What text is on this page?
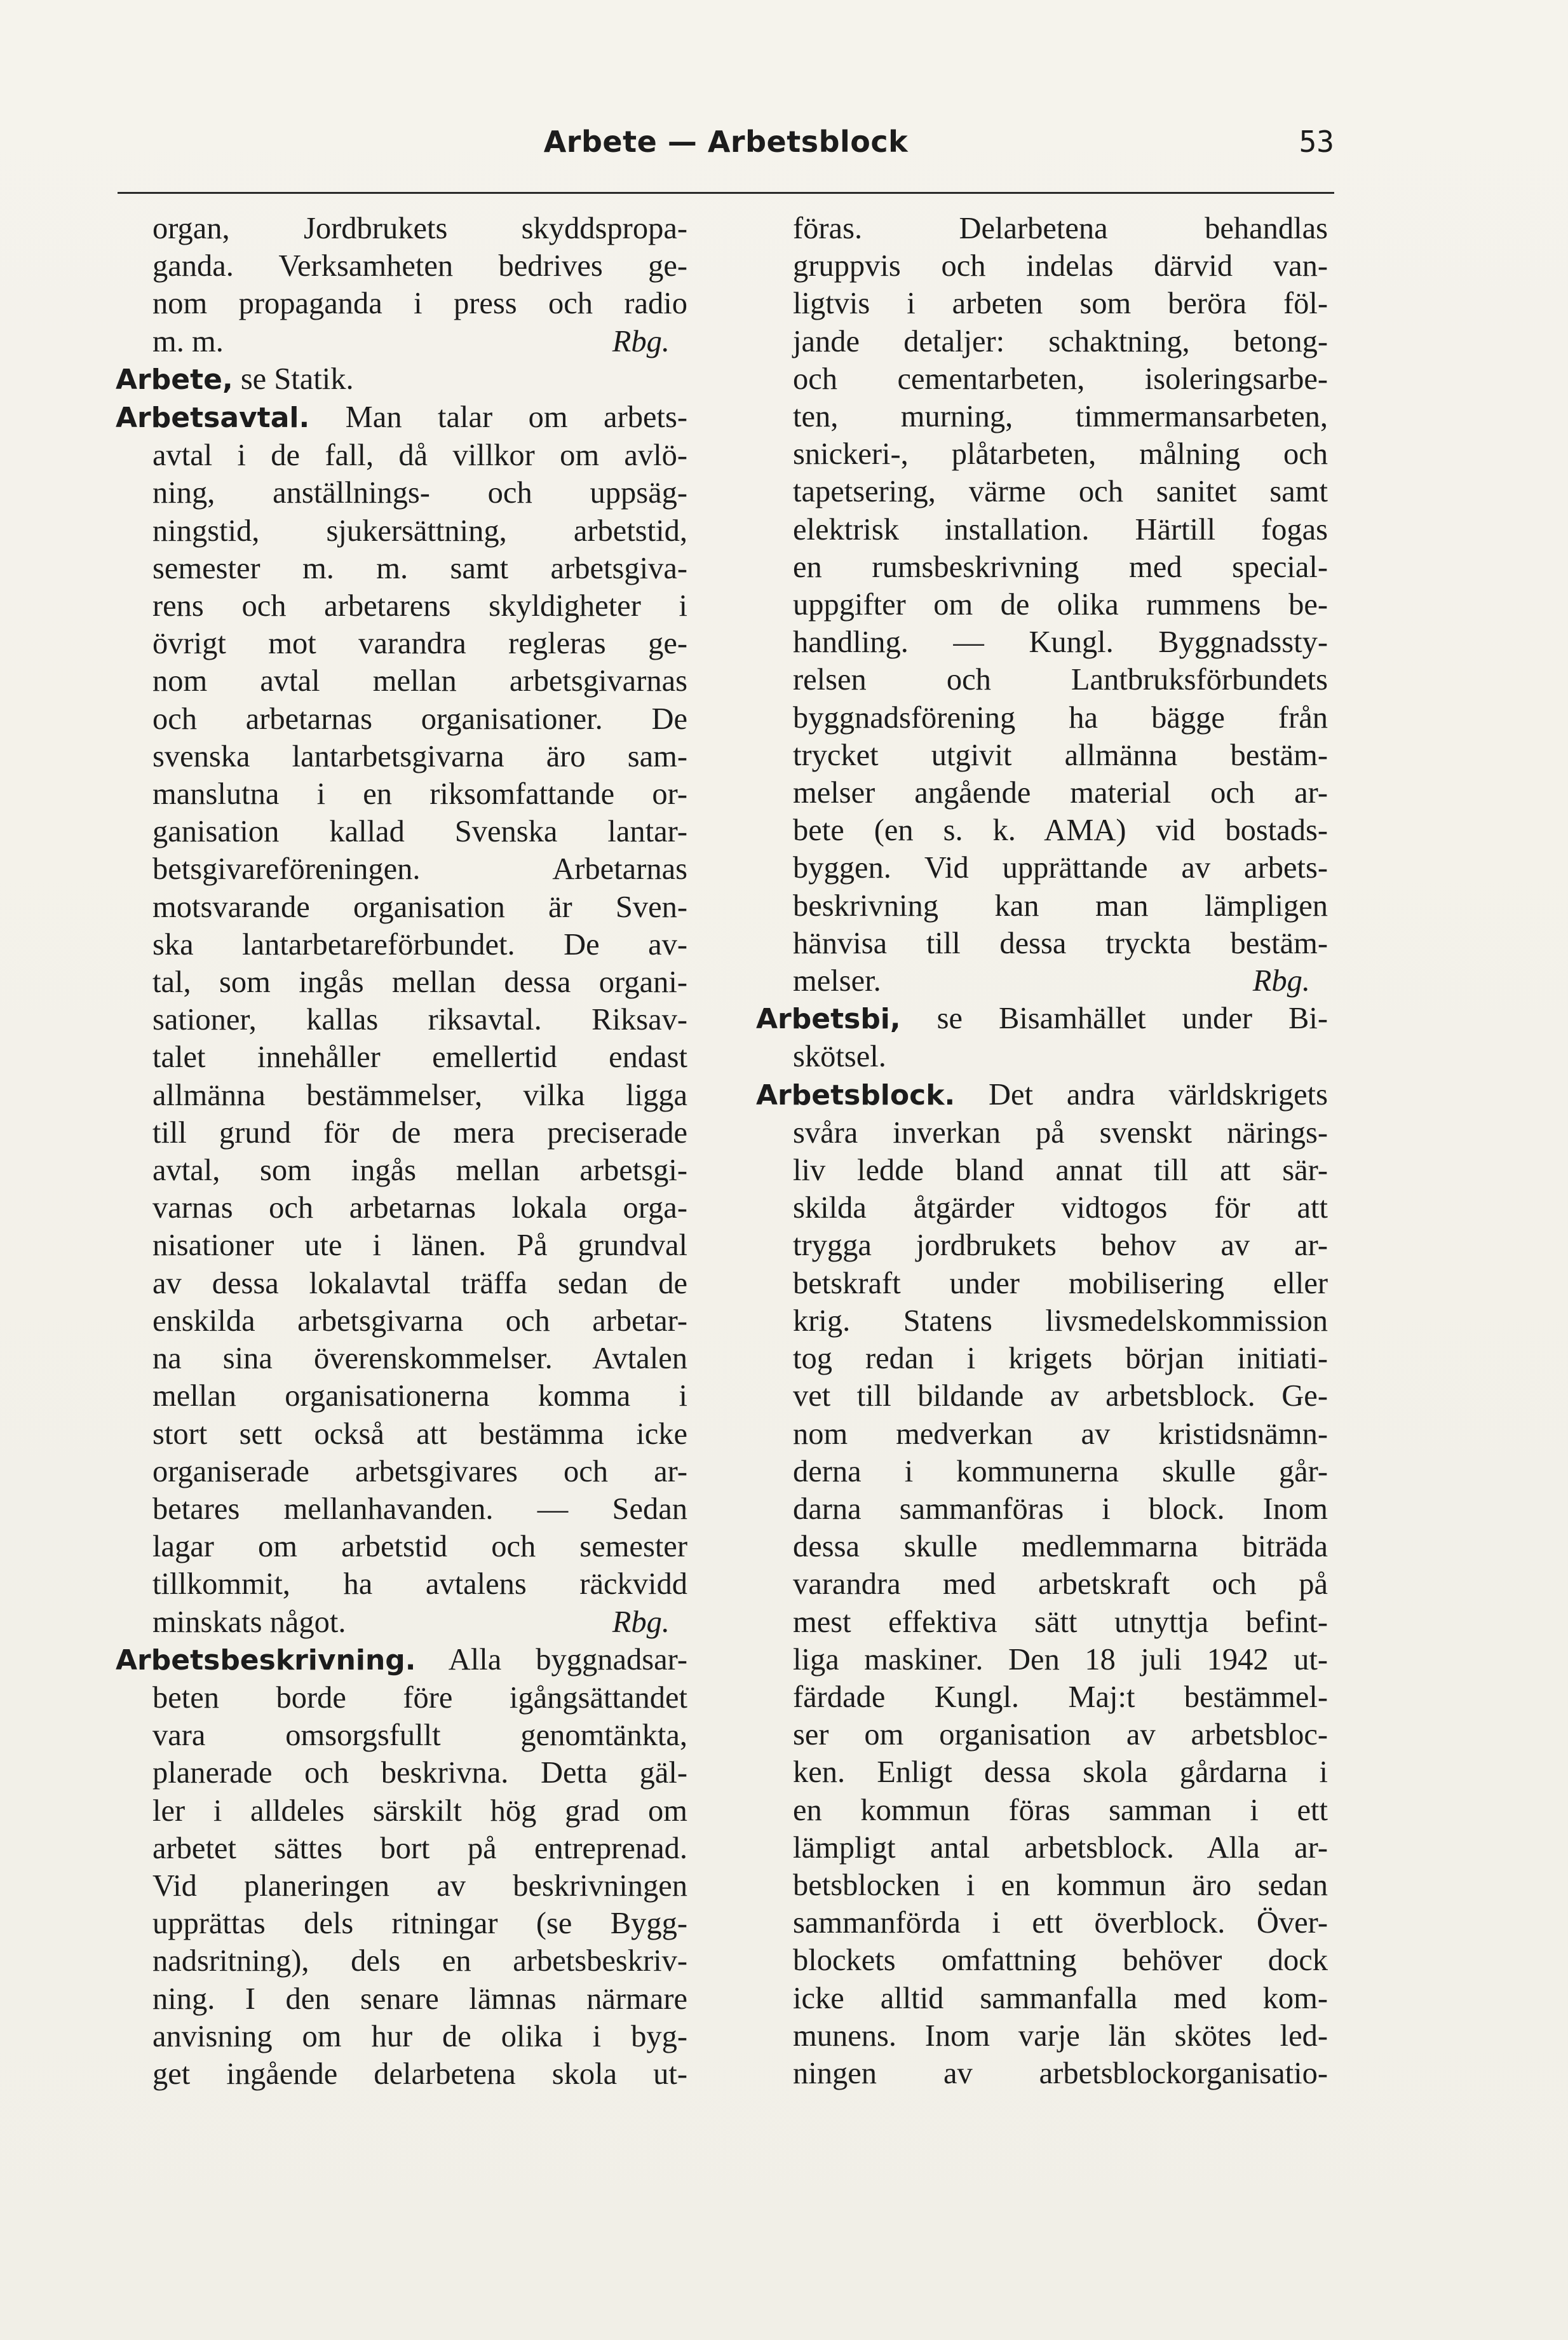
Arbete — Arbetsblock	53
organ, Jordbrukets skyddspropa-
ganda. Verksamheten bedrives ge-
nom propaganda i press och radio
m. m.	Rbg.
Arbete, se Statik.
Arbetsavtal. Man talar om arbets-
avtal i de fall, då villkor om avlö-
ning, anställnings- och uppsäg-
ningstid, sjukersättning, arbetstid,
semester m. m. samt arbetsgiva-
rens och arbetarens skyldigheter i
övrigt mot varandra regleras ge-
nom avtal mellan arbetsgivarnas
och arbetarnas organisationer. De
svenska lantarbetsgivarna äro sam-
manslutna i en riksomfattande or-
ganisation kallad Svenska lantar-
betsgivareföreningen. Arbetarnas
motsvarande organisation är Sven-
ska lantarbetareförbundet. De av-
tal, som ingås mellan dessa organi-
sationer, kallas riksavtal. Riksav-
talet innehåller emellertid endast
allmänna bestämmelser, vilka ligga
till grund för de mera preciserade
avtal, som ingås mellan arbetsgi-
varnas och arbetarnas lokala orga-
nisationer ute i länen. På grundval
av dessa lokalavtal träffa sedan de
enskilda arbetsgivarna och arbetar-
na sina överenskommelser. Avtalen
mellan organisationerna komma i
stort sett också att bestämma icke
organiserade arbetsgivares och ar-
betares mellanhavanden. — Sedan
lagar om arbetstid och semester
tillkommit, ha avtalens räckvidd
minskats något.	Rbg.
Arbetsbeskrivning. Alla byggnadsar-
beten borde före igångsättandet
vara omsorgsfullt genomtänkta,
planerade och beskrivna. Detta gäl-
ler i alldeles särskilt hög grad om
arbetet sättes bort på entreprenad.
Vid planeringen av beskrivningen
upprättas dels ritningar (se Bygg-
nadsritning), dels en arbetsbeskriv-
ning. I den senare lämnas närmare
anvisning om hur de olika i byg-
get ingående delarbetena skola ut-
föras. Delarbetena behandlas
gruppvis och indelas därvid van-
ligtvis i arbeten som beröra föl-
jande detaljer: schaktning, betong-
och cementarbeten, isoleringsarbe-
ten, murning, timmermansarbeten,
snickeri-, plåtarbeten, målning och
tapetsering, värme och sanitet samt
elektrisk installation. Härtill fogas
en rumsbeskrivning med special-
uppgifter om de olika rummens be-
handling. — Kungl. Byggnadssty-
relsen och Lantbruksförbundets
byggnadsförening ha bägge från
trycket utgivit allmänna bestäm-
melser angående material och ar-
bete (en s. k. AMA) vid bostads-
byggen. Vid upprättande av arbets-
beskrivning kan man lämpligen
hänvisa till dessa tryckta bestäm-
melser.	Rbg.
Arbetsbi, se Bisamhället under Bi-
skötsel.
Arbetsblock. Det andra världskrigets
svåra inverkan på svenskt närings-
liv ledde bland annat till att sär-
skilda åtgärder vidtogos för att
trygga jordbrukets behov av ar-
betskraft under mobilisering eller
krig. Statens livsmedelskommission
tog redan i krigets början initiati-
vet till bildande av arbetsblock. Ge-
nom medverkan av kristidsnämn-
derna i kommunerna skulle går-
darna sammanföras i block. Inom
dessa skulle medlemmarna biträda
varandra med arbetskraft och på
mest effektiva sätt utnyttja befint-
liga maskiner. Den 18 juli 1942 ut-
färdade Kungl. Maj:t bestämmel-
ser om organisation av arbetsbloc-
ken. Enligt dessa skola gårdarna i
en kommun föras samman i ett
lämpligt antal arbetsblock. Alla ar-
betsblocken i en kommun äro sedan
sammanförda i ett överblock. Över-
blockets omfattning behöver dock
icke alltid sammanfalla med kom-
munens. Inom varje län skötes led-
ningen av arbetsblockorganisatio-
